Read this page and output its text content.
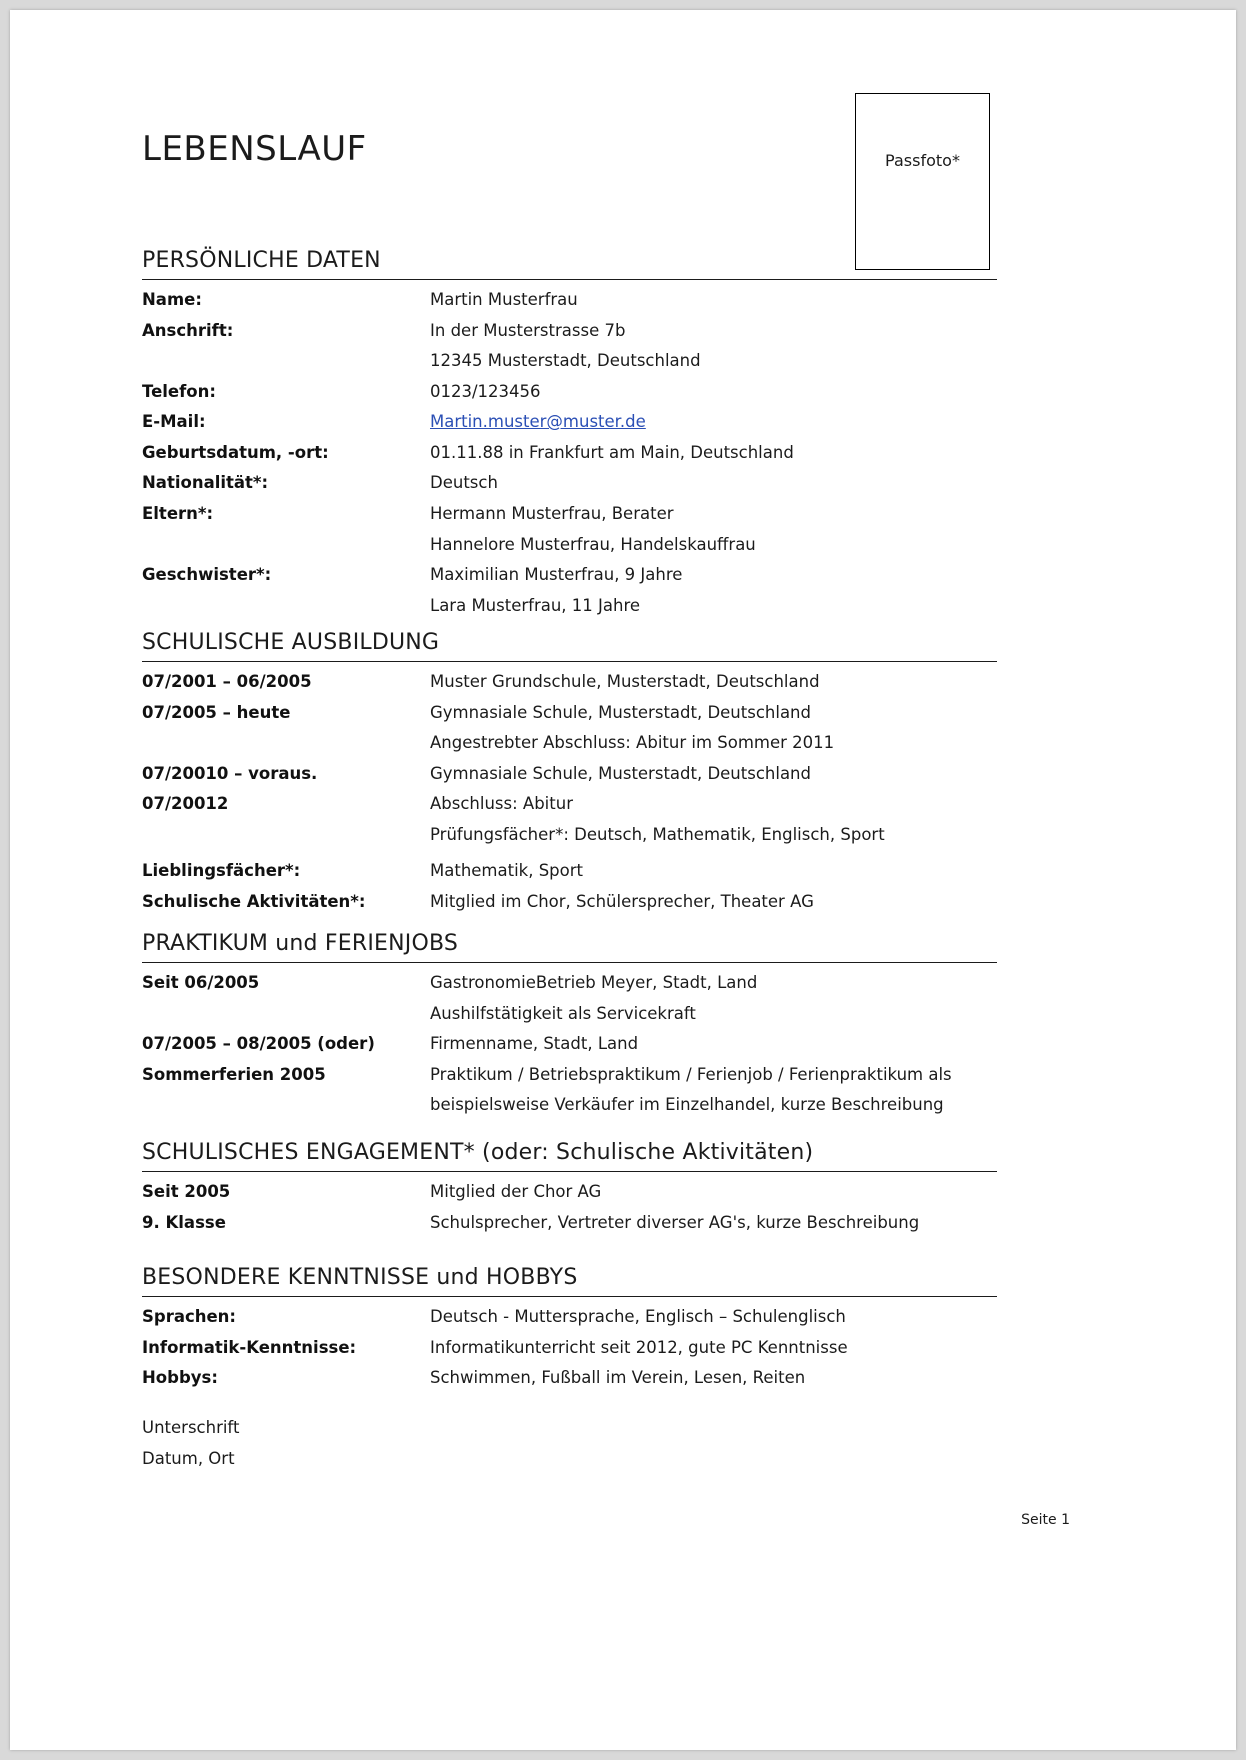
LEBENSLAUF	Passfoto*
PERSÖNLICHE DATEN
Name:	Martin Musterfrau
Anschrift:	In der Musterstrasse 7b
12345 Musterstadt, Deutschland
Telefon:	0123/123456
E-Mail:	Martin.muster@muster.de
Geburtsdatum, -ort:	01.11.88 in Frankfurt am Main, Deutschland
Nationalität*:	Deutsch
Eltern*:	Hermann Musterfrau, Berater
Hannelore Musterfrau, Handelskauffrau
Geschwister*:	Maximilian Musterfrau, 9 Jahre
Lara Musterfrau, 11 Jahre
SCHULISCHE AUSBILDUNG
07/2001 – 06/2005	Muster Grundschule, Musterstadt, Deutschland
07/2005 – heute	Gymnasiale Schule, Musterstadt, Deutschland
Angestrebter Abschluss: Abitur im Sommer 2011
07/20010 – voraus.	Gymnasiale Schule, Musterstadt, Deutschland
07/20012	Abschluss: Abitur
Prüfungsfächer*: Deutsch, Mathematik, Englisch, Sport
Lieblingsfächer*:	Mathematik, Sport
Schulische Aktivitäten*:	Mitglied im Chor, Schülersprecher, Theater AG
PRAKTIKUM und FERIENJOBS
Seit 06/2005	GastronomieBetrieb Meyer, Stadt, Land
Aushilfstätigkeit als Servicekraft
07/2005 – 08/2005 (oder)	Firmenname, Stadt, Land
Sommerferien 2005	Praktikum / Betriebspraktikum / Ferienjob / Ferienpraktikum als
beispielsweise Verkäufer im Einzelhandel, kurze Beschreibung
SCHULISCHES ENGAGEMENT* (oder: Schulische Aktivitäten)
Seit 2005	Mitglied der Chor AG
9. Klasse	Schulsprecher, Vertreter diverser AG's, kurze Beschreibung
BESONDERE KENNTNISSE und HOBBYS
Sprachen:	Deutsch - Muttersprache, Englisch – Schulenglisch
Informatik-Kenntnisse:	Informatikunterricht seit 2012, gute PC Kenntnisse
Hobbys:	Schwimmen, Fußball im Verein, Lesen, Reiten
Unterschrift
Datum, Ort
Seite 1
